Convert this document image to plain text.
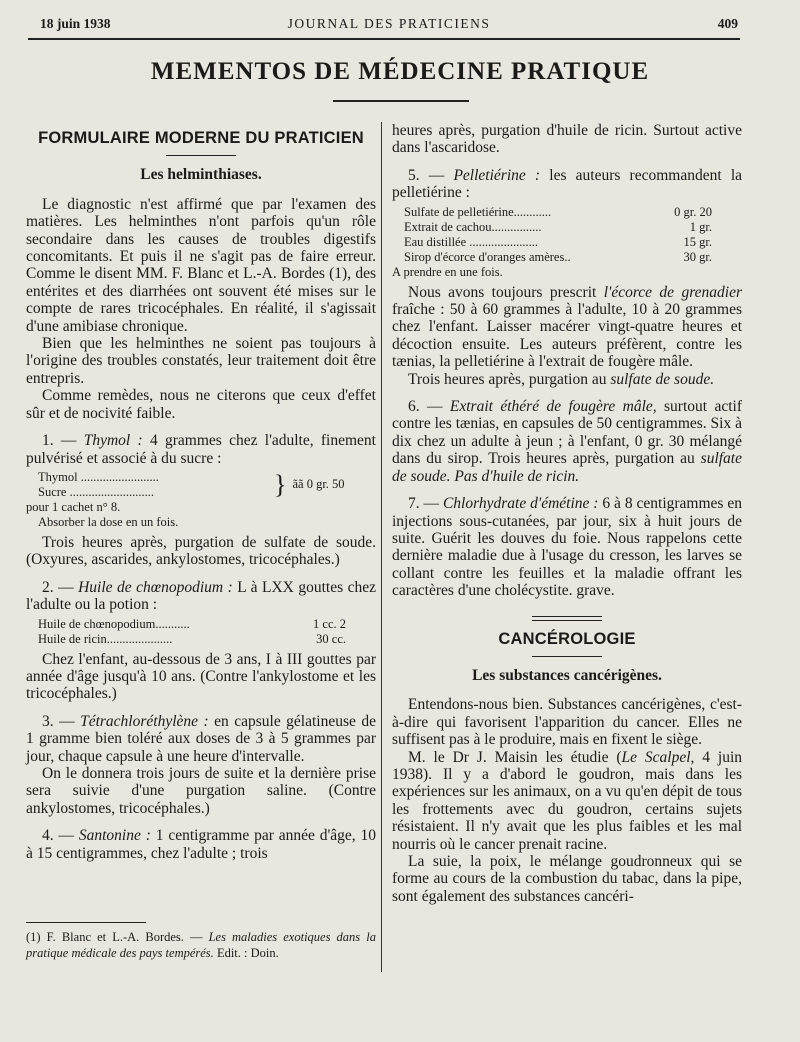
18 juin 1938	JOURNAL DES PRATICIENS	409
MEMENTOS DE MÉDECINE PRATIQUE
FORMULAIRE MODERNE DU PRATICIEN
Les helminthiases.

Le diagnostic n'est affirmé que par l'examen des matières. Les helminthes n'ont parfois qu'un rôle secondaire dans les causes de troubles digestifs concomitants. Et puis il ne s'agit pas de faire erreur. Comme le disent MM. F. Blanc et L.-A. Bordes (1), des entérites et des diarrhées ont souvent été mises sur le compte de rares tricocéphales. En réalité, il s'agissait d'une amibiase chronique.

Bien que les helminthes ne soient pas toujours à l'origine des troubles constatés, leur traitement doit être entrepris.

Comme remèdes, nous ne citerons que ceux d'effet sûr et de nocivité faible.

1. — Thymol : 4 grammes chez l'adulte, finement pulvérisé et associé à du sucre :

Thymol .........................
Sucre ...........................	} ãã 0 gr. 50
pour 1 cachet n° 8.
Absorber la dose en un fois.

Trois heures après, purgation de sulfate de soude. (Oxyures, ascarides, ankylostomes, tricocéphales.)

2. — Huile de chœnopodium : L à LXX gouttes chez l'adulte ou la potion :

Huile de chœnopodium...........	1 cc. 2
Huile de ricin.....................	30 cc.

Chez l'enfant, au-dessous de 3 ans, I à III gouttes par année d'âge jusqu'à 10 ans. (Contre l'ankylostome et les tricocéphales.)

3. — Tétrachloréthylène : en capsule gélatineuse de 1 gramme bien toléré aux doses de 3 à 5 grammes par jour, chaque capsule à une heure d'intervalle.

On le donnera trois jours de suite et la dernière prise sera suivie d'une purgation saline. (Contre ankylostomes, tricocéphales.)

4. — Santonine : 1 centigramme par année d'âge, 10 à 15 centigrammes, chez l'adulte ; trois

(1) F. Blanc et L.-A. Bordes. — Les maladies exotiques dans la pratique médicale des pays tempérés. Edit. : Doin.

heures après, purgation d'huile de ricin. Surtout active dans l'ascaridose.

5. — Pelletiérine : les auteurs recommandent la pelletiérine :

Sulfate de pelletiérine............	0 gr. 20
Extrait de cachou................	1 gr.
Eau distillée ......................	15 gr.
Sirop d'écorce d'oranges amères..	30 gr.
A prendre en une fois.

Nous avons toujours prescrit l'écorce de grenadier fraîche : 50 à 60 grammes à l'adulte, 10 à 20 grammes chez l'enfant. Laisser macérer vingt-quatre heures et décoction ensuite. Les auteurs préfèrent, contre les tænias, la pelletiérine à l'extrait de fougère mâle.

Trois heures après, purgation au sulfate de soude.

6. — Extrait éthéré de fougère mâle, surtout actif contre les tænias, en capsules de 50 centigrammes. Six à dix chez un adulte à jeun ; à l'enfant, 0 gr. 30 mélangé dans du sirop. Trois heures après, purgation au sulfate de soude. Pas d'huile de ricin.

7. — Chlorhydrate d'émétine : 6 à 8 centigrammes en injections sous-cutanées, par jour, six à huit jours de suite. Guérit les douves du foie. Nous rappelons cette dernière maladie due à l'usage du cresson, les larves se collant contre les feuilles et la maladie offrant les caractères d'une cholécystite. grave.

CANCÉROLOGIE
Les substances cancérigènes.

Entendons-nous bien. Substances cancérigènes, c'est-à-dire qui favorisent l'apparition du cancer. Elles ne suffisent pas à le produire, mais en fixent le siège.

M. le Dr J. Maisin les étudie (Le Scalpel, 4 juin 1938). Il y a d'abord le goudron, mais dans les expériences sur les animaux, on a vu qu'en dépit de tous les frottements avec du goudron, certains sujets résistaient. Il n'y avait que les plus faibles et les mal nourris où le cancer prenait racine.

La suie, la poix, le mélange goudronneux qui se forme au cours de la combustion du tabac, dans la pipe, sont également des substances cancéri-
